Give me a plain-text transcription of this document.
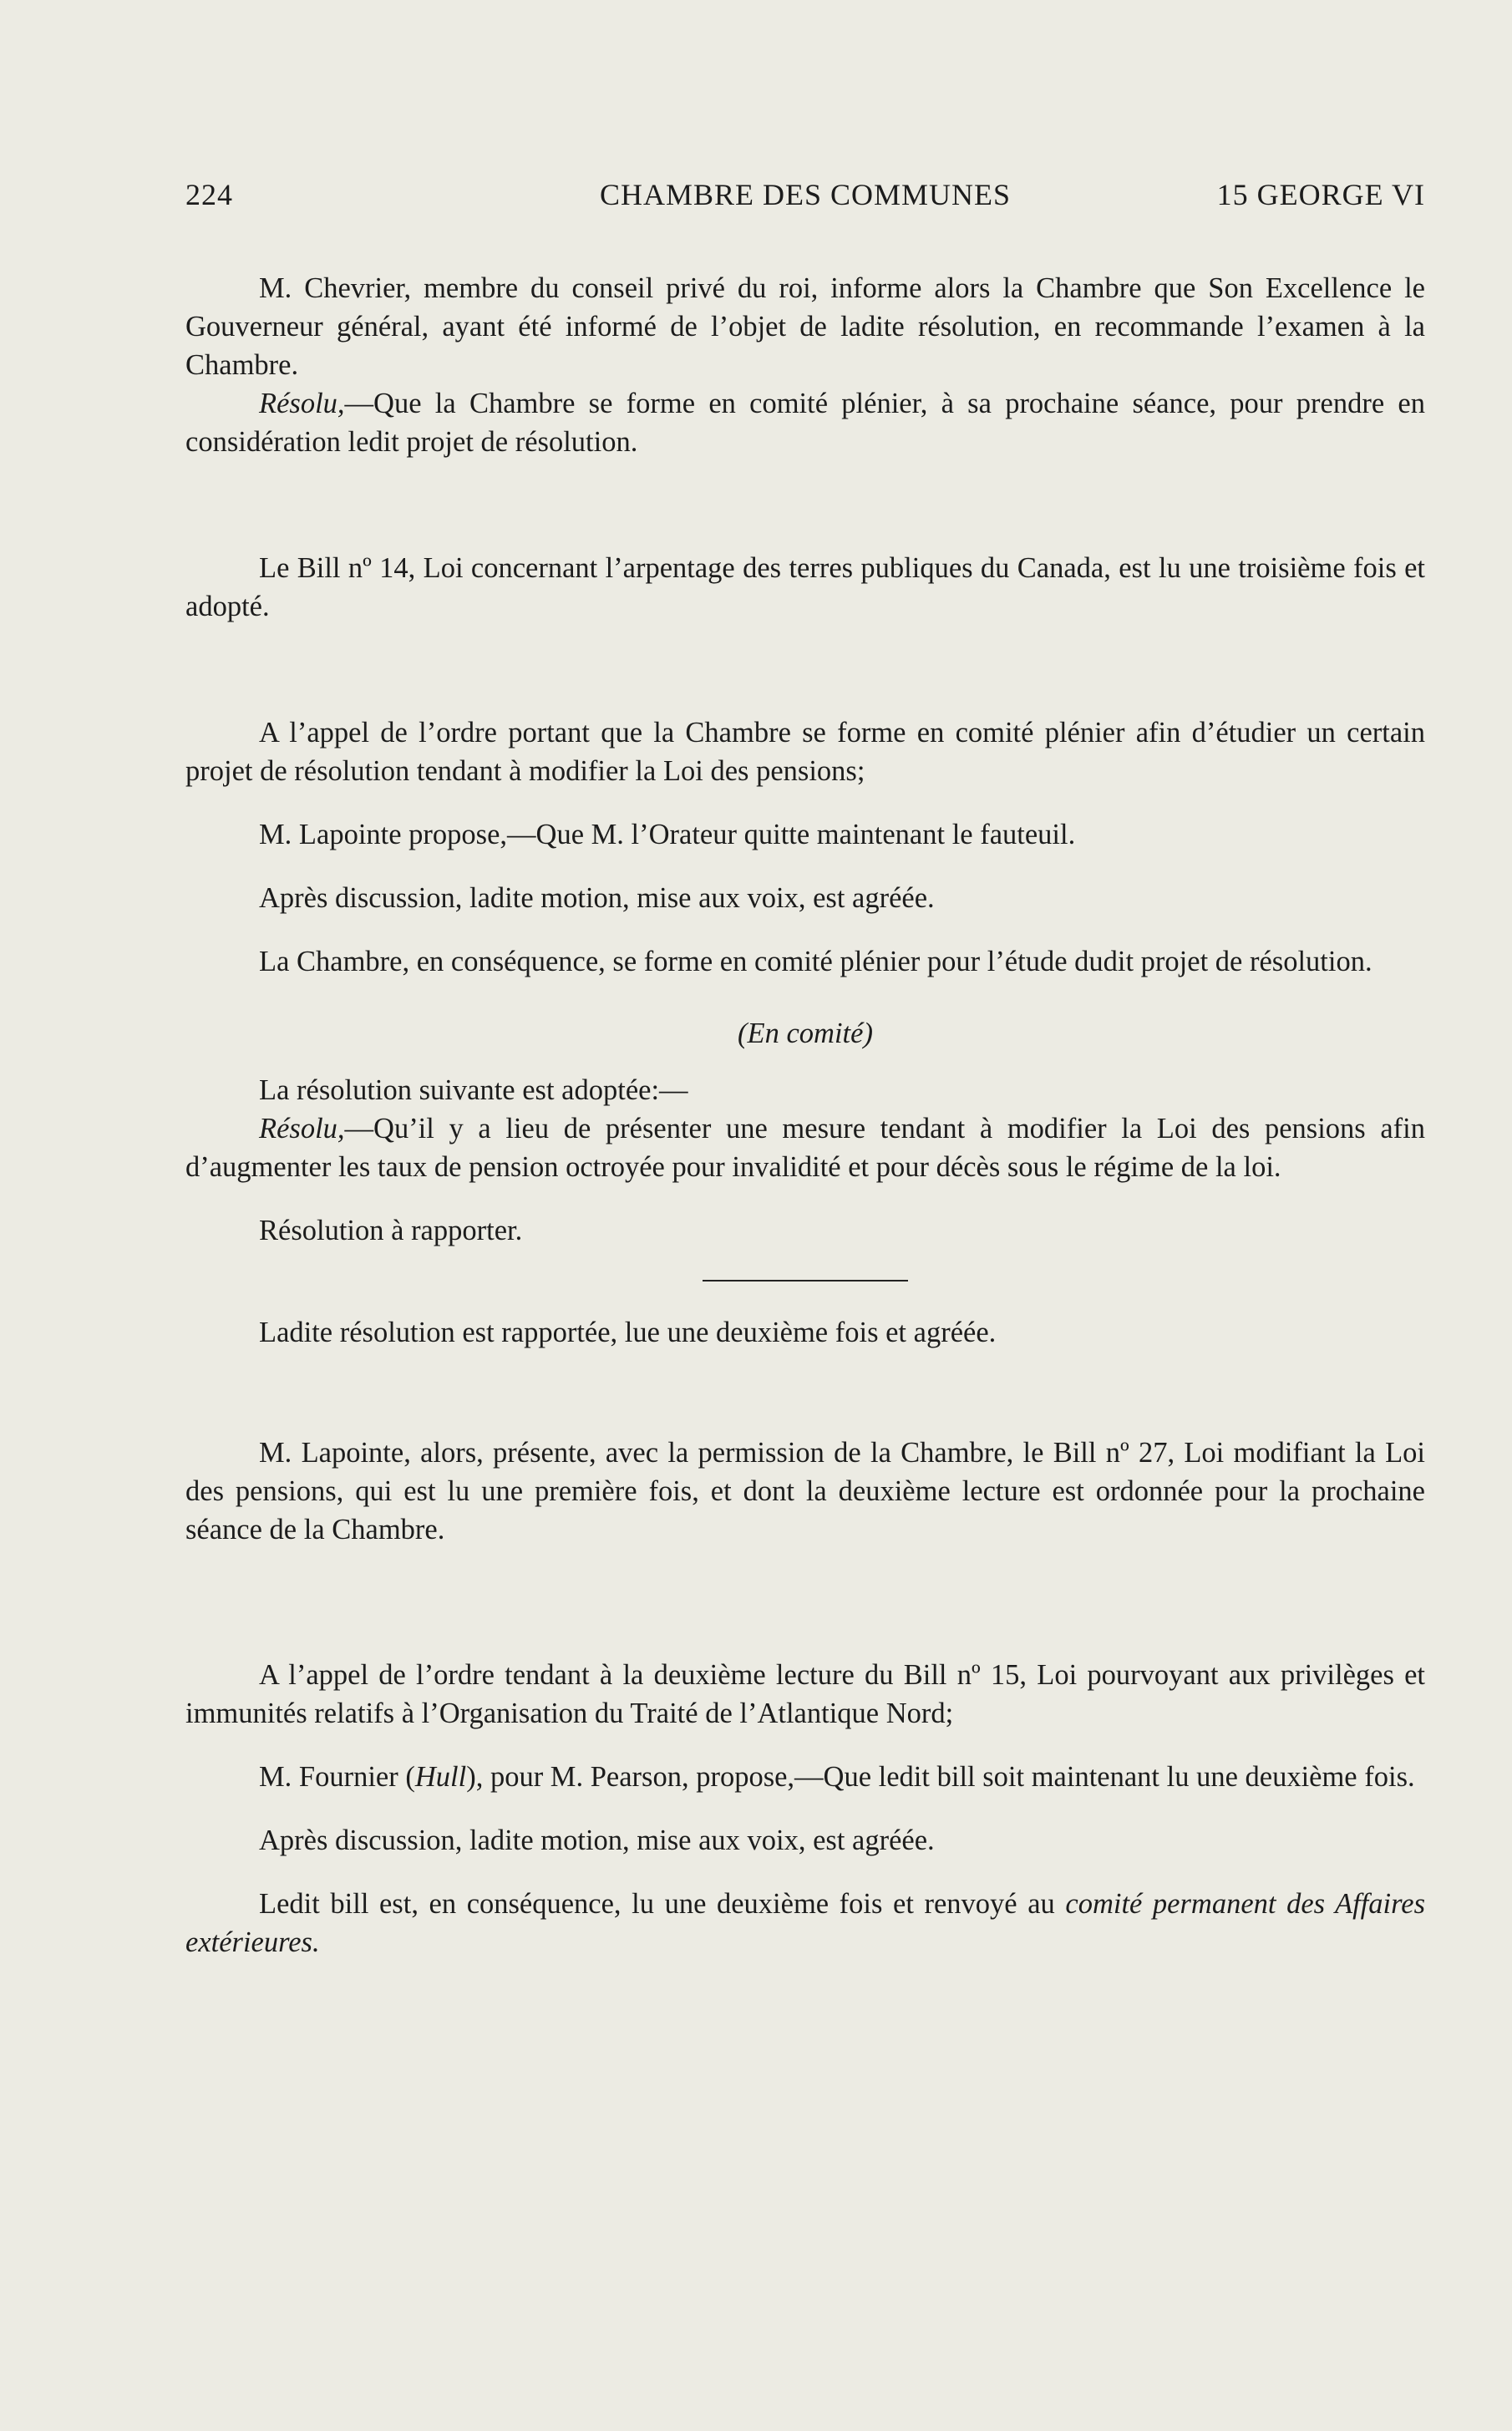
224	CHAMBRE DES COMMUNES	15 GEORGE VI

M. Chevrier, membre du conseil privé du roi, informe alors la Chambre que Son Excellence le Gouverneur général, ayant été informé de l’objet de ladite résolution, en recommande l’examen à la Chambre.

Résolu,—Que la Chambre se forme en comité plénier, à sa prochaine séance, pour prendre en considération ledit projet de résolution.

Le Bill nº 14, Loi concernant l’arpentage des terres publiques du Canada, est lu une troisième fois et adopté.

A l’appel de l’ordre portant que la Chambre se forme en comité plénier afin d’étudier un certain projet de résolution tendant à modifier la Loi des pensions;

M. Lapointe propose,—Que M. l’Orateur quitte maintenant le fauteuil.

Après discussion, ladite motion, mise aux voix, est agréée.

La Chambre, en conséquence, se forme en comité plénier pour l’étude dudit projet de résolution.

(En comité)

La résolution suivante est adoptée:—

Résolu,—Qu’il y a lieu de présenter une mesure tendant à modifier la Loi des pensions afin d’augmenter les taux de pension octroyée pour invalidité et pour décès sous le régime de la loi.

Résolution à rapporter.

Ladite résolution est rapportée, lue une deuxième fois et agréée.

M. Lapointe, alors, présente, avec la permission de la Chambre, le Bill nº 27, Loi modifiant la Loi des pensions, qui est lu une première fois, et dont la deuxième lecture est ordonnée pour la prochaine séance de la Chambre.

A l’appel de l’ordre tendant à la deuxième lecture du Bill nº 15, Loi pourvoyant aux privilèges et immunités relatifs à l’Organisation du Traité de l’Atlantique Nord;

M. Fournier (Hull), pour M. Pearson, propose,—Que ledit bill soit maintenant lu une deuxième fois.

Après discussion, ladite motion, mise aux voix, est agréée.

Ledit bill est, en conséquence, lu une deuxième fois et renvoyé au comité permanent des Affaires extérieures.
